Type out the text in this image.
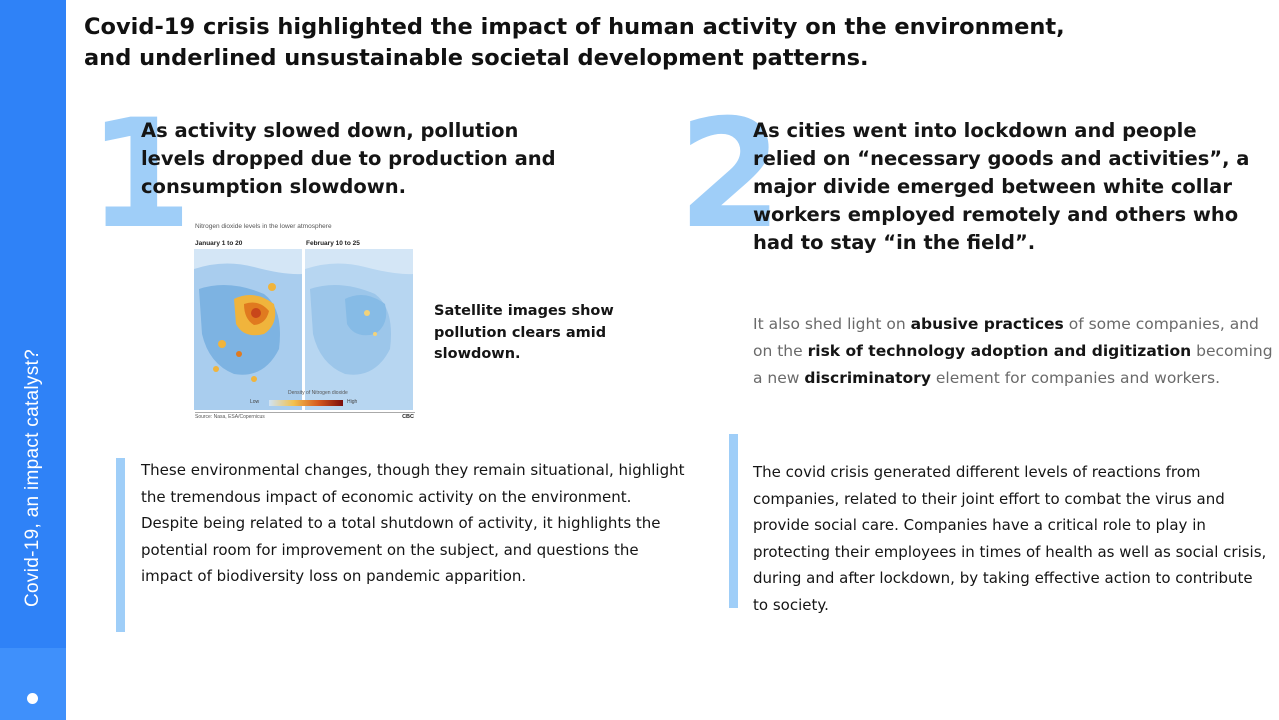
Covid-19, an impact catalyst?
Covid-19 crisis highlighted the impact of human activity on the environment,
and underlined unsustainable societal development patterns.
1
As activity slowed down, pollution levels dropped due to production and consumption slowdown.
Nitrogen dioxide levels in the lower atmosphere
January 1 to 20	February 10 to 25
Density of Nitrogen dioxide
Low	High
Source: Nasa, ESA/Copernicus	CBC

Satellite images show pollution clears amid slowdown.

These environmental changes, though they remain situational, highlight the tremendous impact of economic activity on the environment.

Despite being related to a total shutdown of activity, it highlights the potential room for improvement on the subject, and questions the impact of biodiversity loss on pandemic apparition.

2
As cities went into lockdown and people relied on “necessary goods and activities”, a major divide emerged between white collar workers employed remotely and others who had to stay “in the field”.

It also shed light on abusive practices of some companies, and on the risk of technology adoption and digitization becoming a new discriminatory element for companies and workers.

The covid crisis generated different levels of reactions from companies, related to their joint effort to combat the virus and provide social care. Companies have a critical role to play in protecting their employees in times of health as well as social crisis, during and after lockdown, by taking effective action to contribute to society.
